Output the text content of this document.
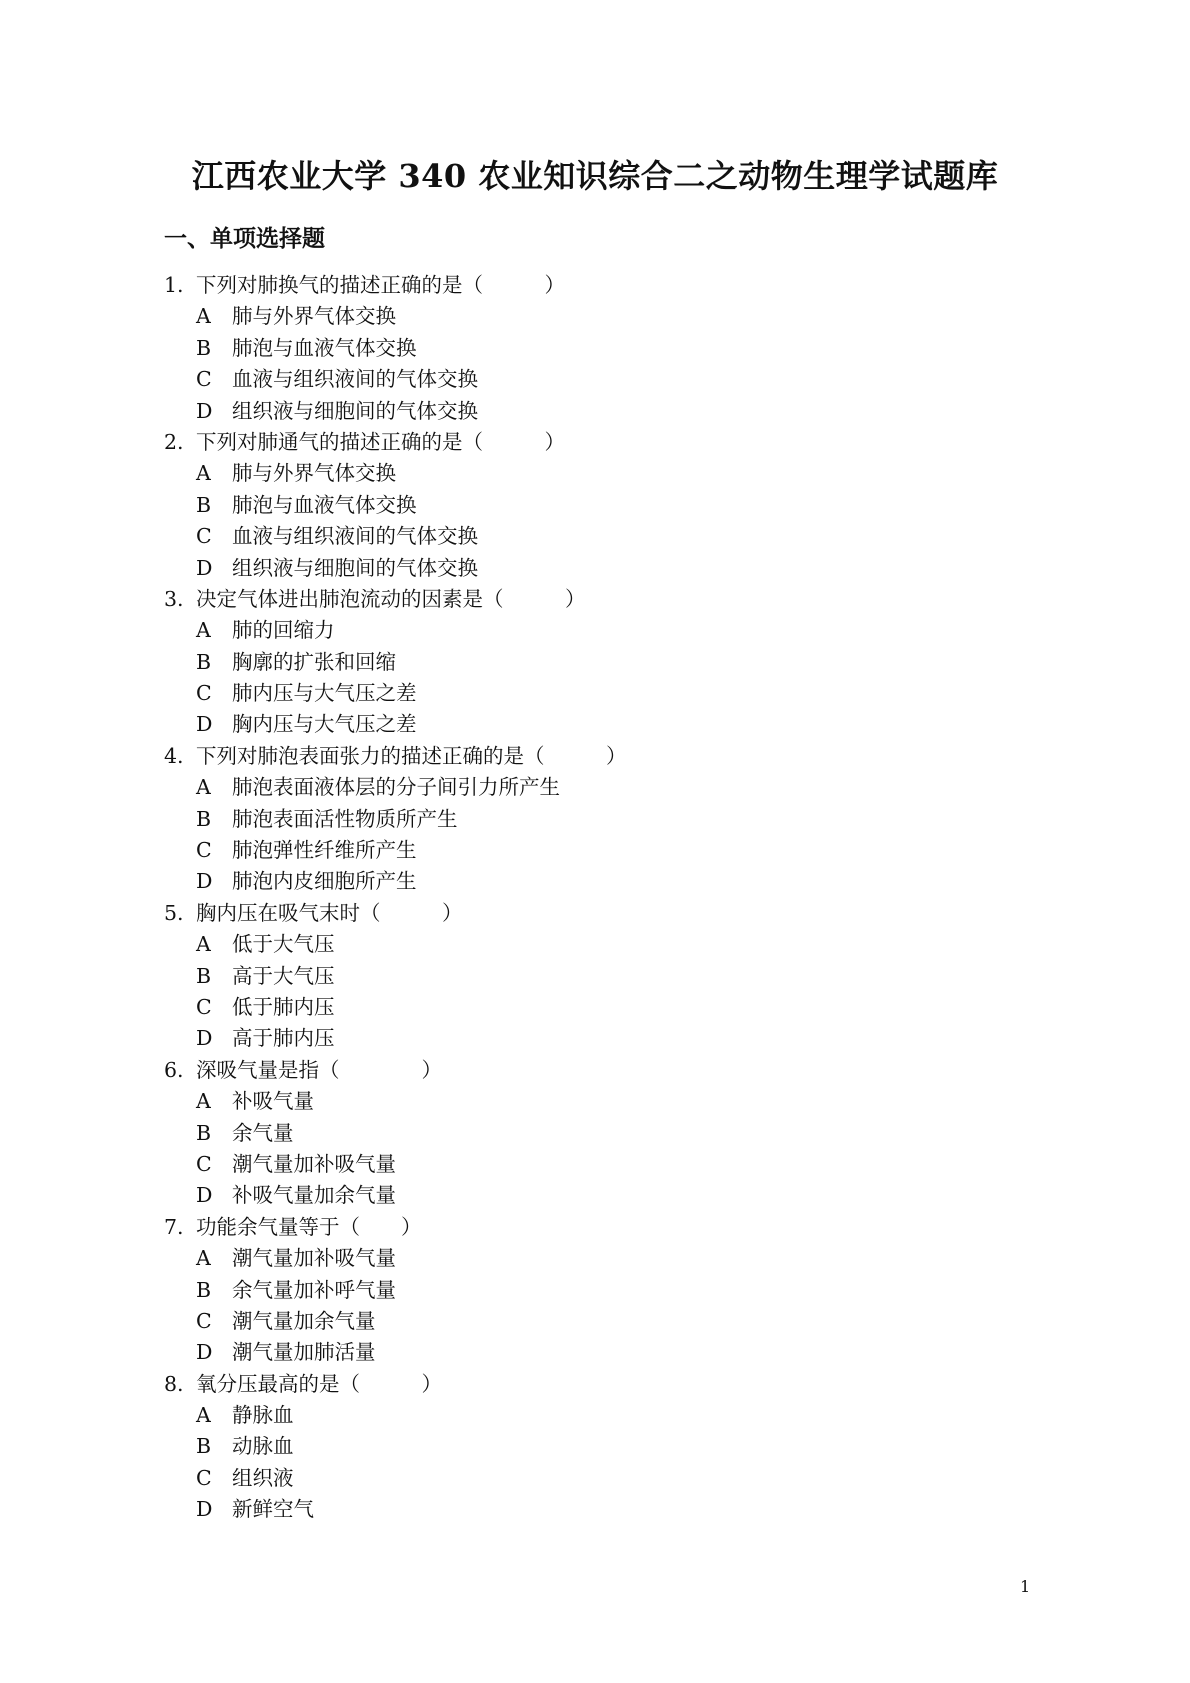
江西农业大学 340 农业知识综合二之动物生理学试题库
一、单项选择题
1. 下列对肺换气的描述正确的是（　　　）
A 肺与外界气体交换
B 肺泡与血液气体交换
C 血液与组织液间的气体交换
D 组织液与细胞间的气体交换
2. 下列对肺通气的描述正确的是（　　　）
A 肺与外界气体交换
B 肺泡与血液气体交换
C 血液与组织液间的气体交换
D 组织液与细胞间的气体交换
3. 决定气体进出肺泡流动的因素是（　　　）
A 肺的回缩力
B 胸廓的扩张和回缩
C 肺内压与大气压之差
D 胸内压与大气压之差
4. 下列对肺泡表面张力的描述正确的是（　　　）
A 肺泡表面液体层的分子间引力所产生
B 肺泡表面活性物质所产生
C 肺泡弹性纤维所产生
D 肺泡内皮细胞所产生
5. 胸内压在吸气末时（　　　）
A 低于大气压
B 高于大气压
C 低于肺内压
D 高于肺内压
6. 深吸气量是指（　　　　）
A 补吸气量
B 余气量
C 潮气量加补吸气量
D 补吸气量加余气量
7. 功能余气量等于（　　）
A 潮气量加补吸气量
B 余气量加补呼气量
C 潮气量加余气量
D 潮气量加肺活量
8. 氧分压最高的是（　　　）
A 静脉血
B 动脉血
C 组织液
D 新鲜空气
1
